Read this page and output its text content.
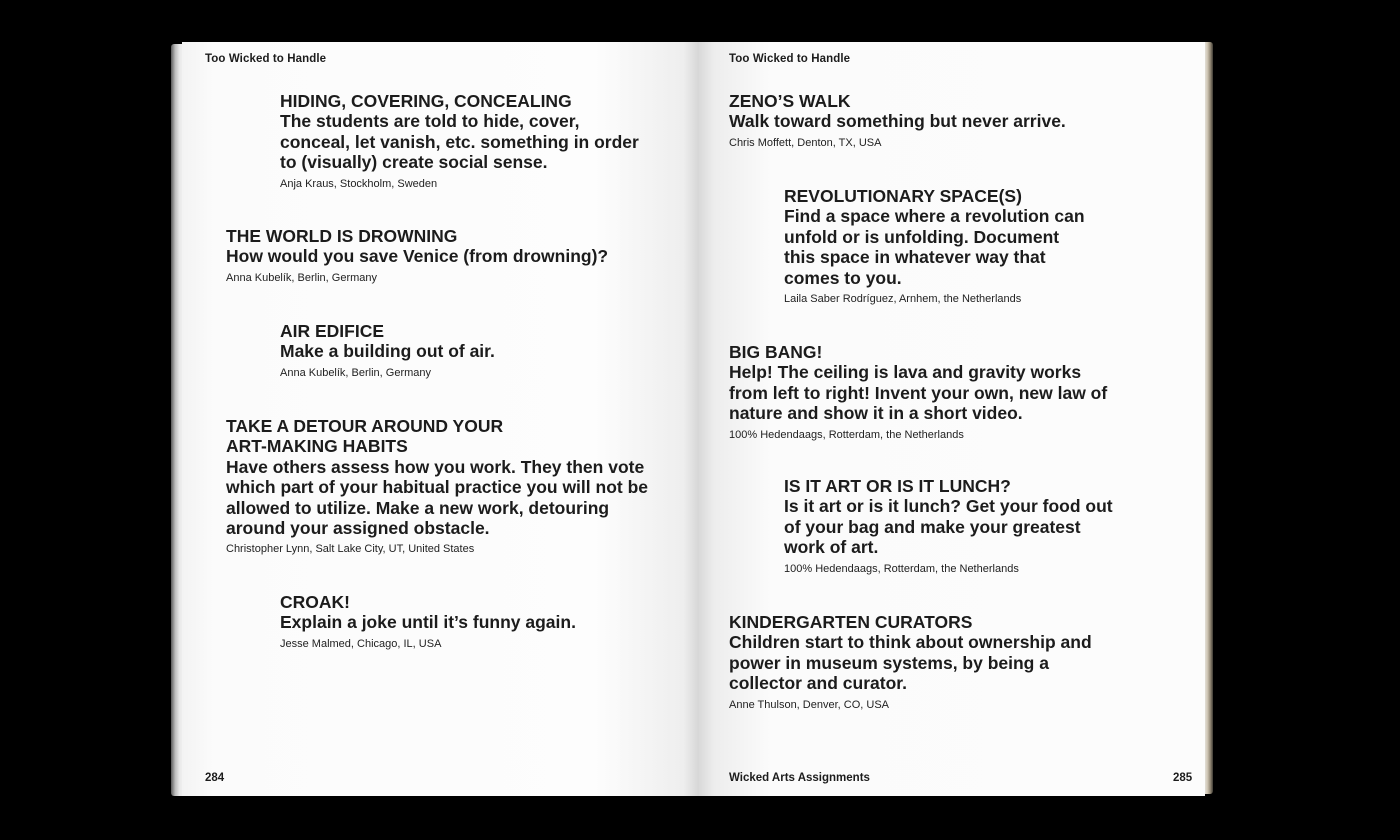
Too Wicked to Handle

HIDING, COVERING, CONCEALING

The students are told to hide, cover, conceal, let vanish, etc. something in order to (visually) create social sense.

Anja Kraus, Stockholm, Sweden

THE WORLD IS DROWNING

How would you save Venice (from drowning)?

Anna Kubelík, Berlin, Germany

AIR EDIFICE

Make a building out of air.

Anna Kubelík, Berlin, Germany

TAKE A DETOUR AROUND YOUR ART-MAKING HABITS

Have others assess how you work. They then vote which part of your habitual practice you will not be allowed to utilize. Make a new work, detouring around your assigned obstacle.

Christopher Lynn, Salt Lake City, UT, United States

CROAK!

Explain a joke until it’s funny again.

Jesse Malmed, Chicago, IL, USA
284
Too Wicked to Handle

ZENO’S WALK

Walk toward something but never arrive.

Chris Moffett, Denton, TX, USA

REVOLUTIONARY SPACE(S)

Find a space where a revolution can unfold or is unfolding. Document this space in whatever way that comes to you.

Laila Saber Rodríguez, Arnhem, the Netherlands

BIG BANG!

Help! The ceiling is lava and gravity works from left to right! Invent your own, new law of nature and show it in a short video.

100% Hedendaags, Rotterdam, the Netherlands

IS IT ART OR IS IT LUNCH?

Is it art or is it lunch? Get your food out of your bag and make your greatest work of art.

100% Hedendaags, Rotterdam, the Netherlands

KINDERGARTEN CURATORS

Children start to think about ownership and power in museum systems, by being a collector and curator.

Anne Thulson, Denver, CO, USA
Wicked Arts Assignments	285
